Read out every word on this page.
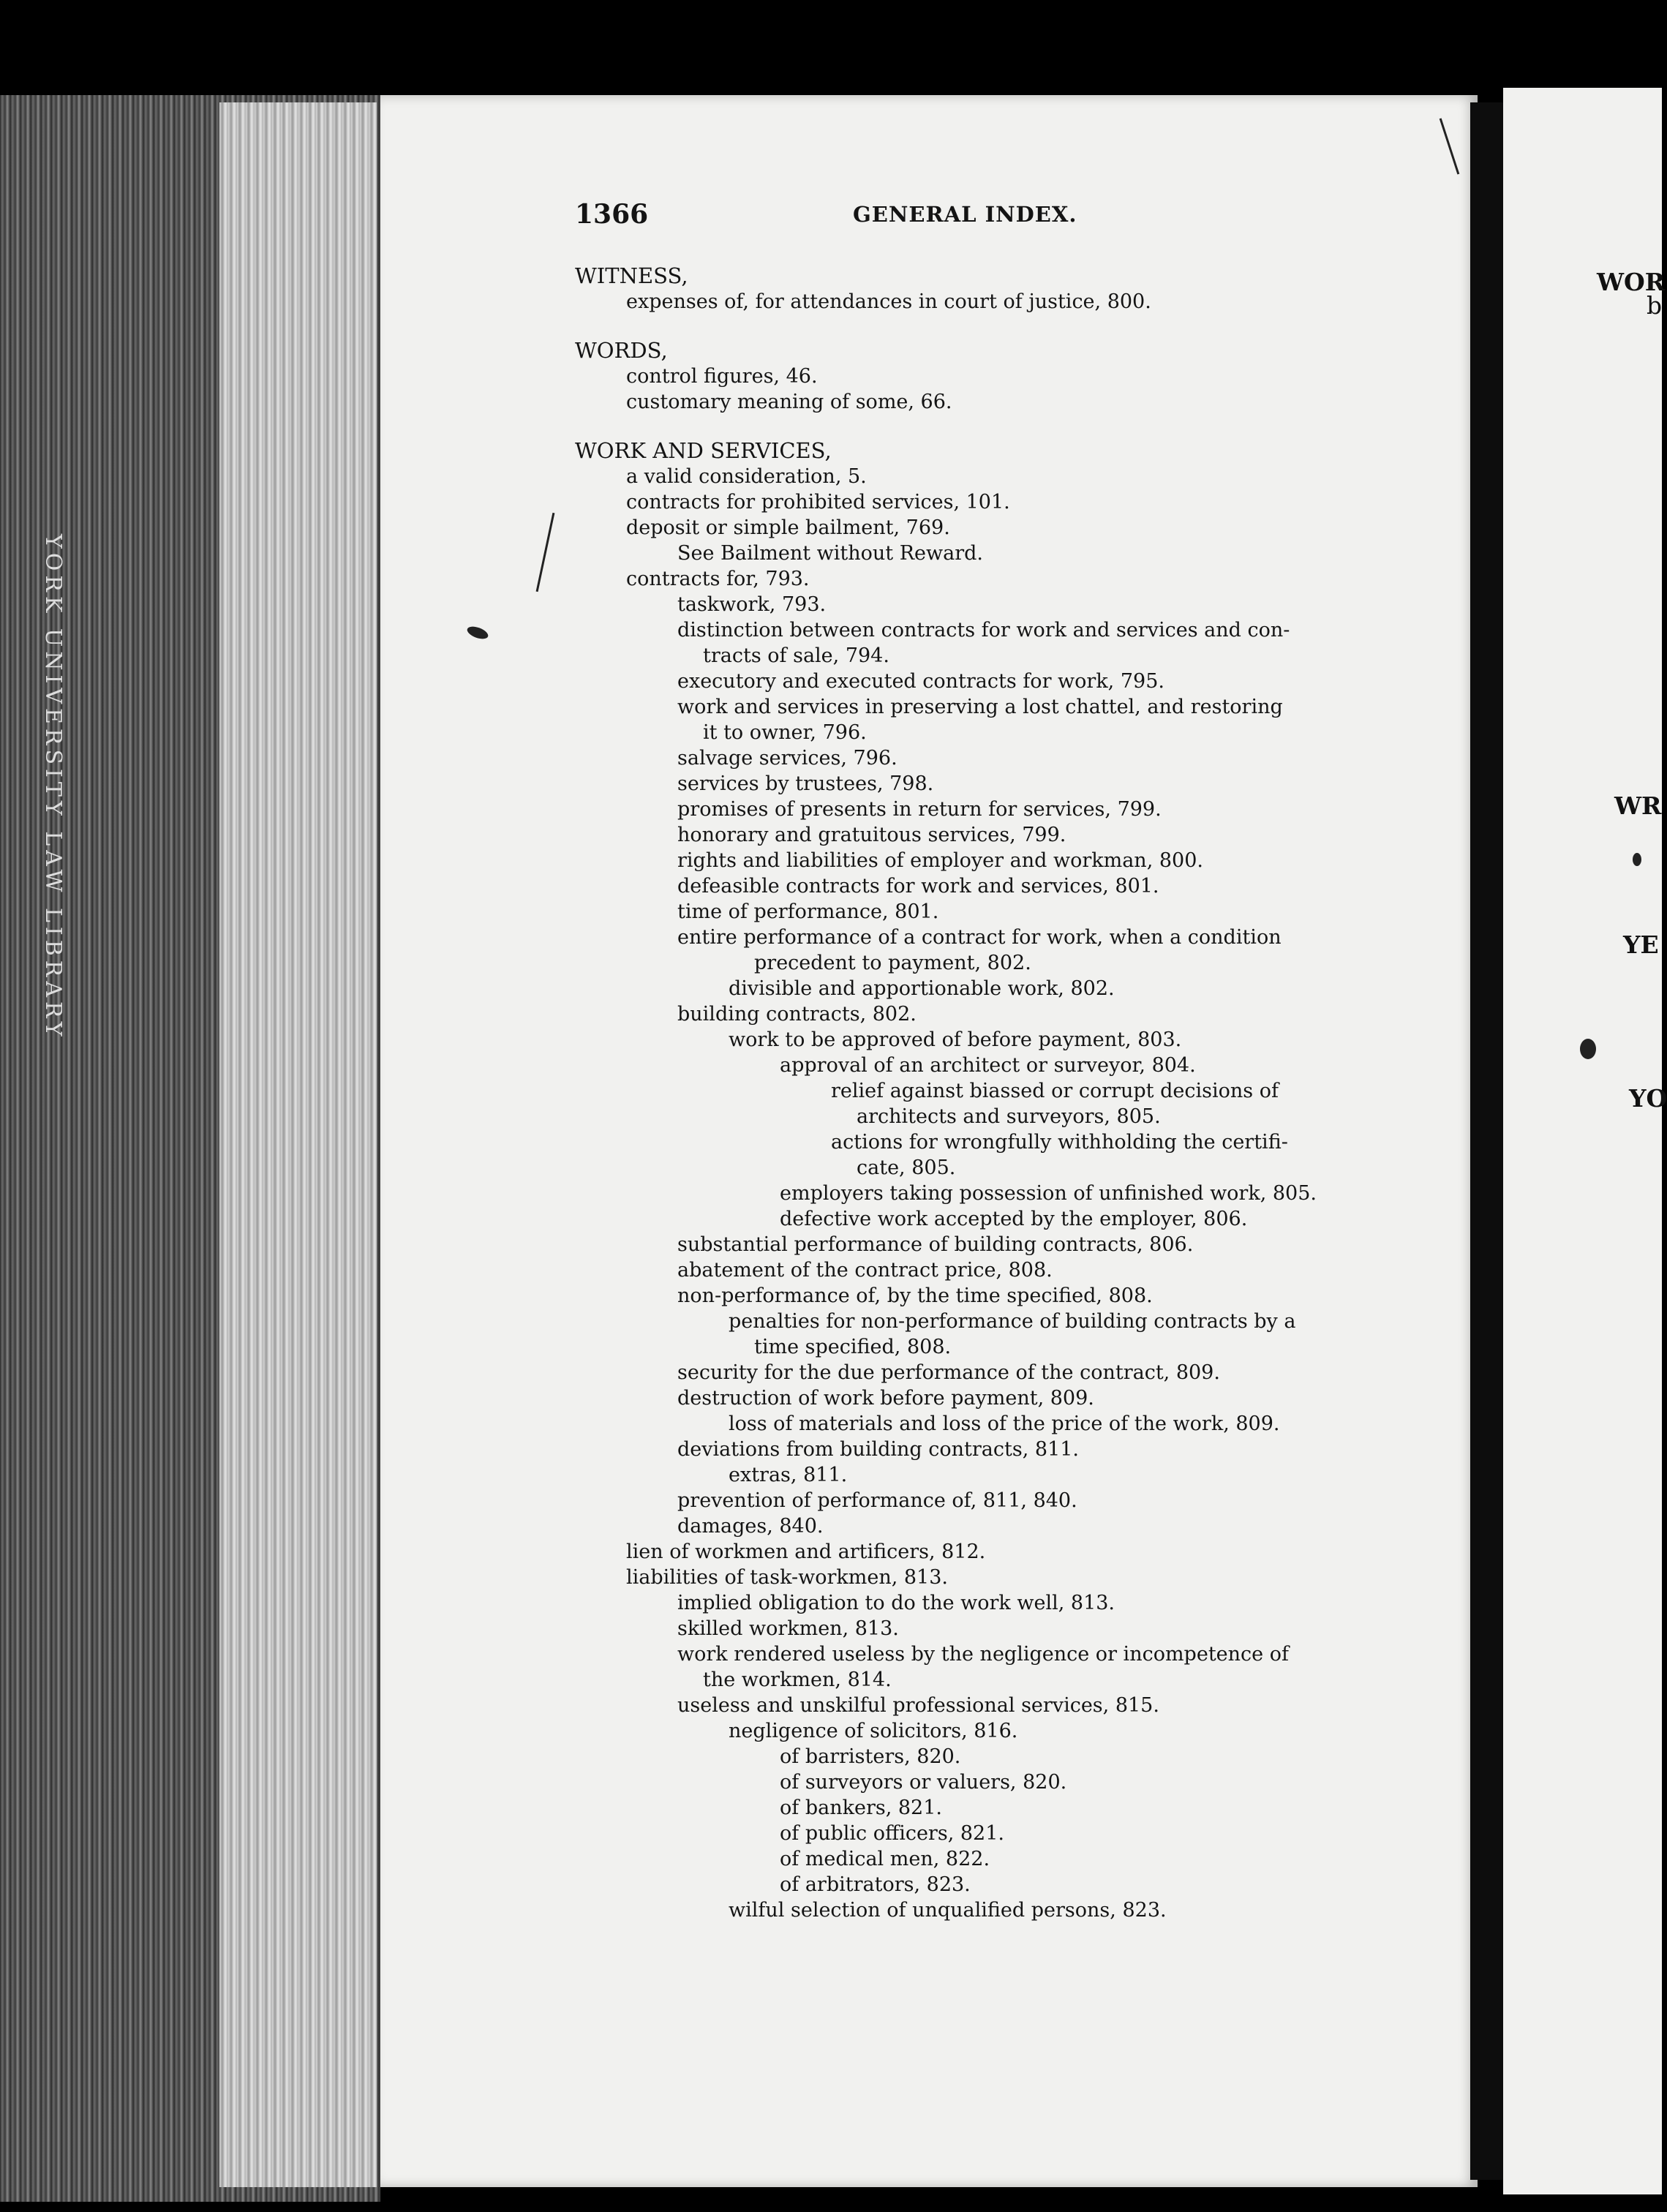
YORK UNIVERSITY LAW LIBRARY
WOR
b
WR
YE
YO
1366	GENERAL INDEX.
WITNESS,
expenses of, for attendances in court of justice, 800.
WORDS,
control figures, 46.
customary meaning of some, 66.
WORK AND SERVICES,
a valid consideration, 5.
contracts for prohibited services, 101.
deposit or simple bailment, 769.
See Bailment without Reward.
contracts for, 793.
taskwork, 793.
distinction between contracts for work and services and con-
tracts of sale, 794.
executory and executed contracts for work, 795.
work and services in preserving a lost chattel, and restoring
it to owner, 796.
salvage services, 796.
services by trustees, 798.
promises of presents in return for services, 799.
honorary and gratuitous services, 799.
rights and liabilities of employer and workman, 800.
defeasible contracts for work and services, 801.
time of performance, 801.
entire performance of a contract for work, when a condition
precedent to payment, 802.
divisible and apportionable work, 802.
building contracts, 802.
work to be approved of before payment, 803.
approval of an architect or surveyor, 804.
relief against biassed or corrupt decisions of
architects and surveyors, 805.
actions for wrongfully withholding the certifi-
cate, 805.
employers taking possession of unfinished work, 805.
defective work accepted by the employer, 806.
substantial performance of building contracts, 806.
abatement of the contract price, 808.
non-performance of, by the time specified, 808.
penalties for non-performance of building contracts by a
time specified, 808.
security for the due performance of the contract, 809.
destruction of work before payment, 809.
loss of materials and loss of the price of the work, 809.
deviations from building contracts, 811.
extras, 811.
prevention of performance of, 811, 840.
damages, 840.
lien of workmen and artificers, 812.
liabilities of task-workmen, 813.
implied obligation to do the work well, 813.
skilled workmen, 813.
work rendered useless by the negligence or incompetence of
the workmen, 814.
useless and unskilful professional services, 815.
negligence of solicitors, 816.
of barristers, 820.
of surveyors or valuers, 820.
of bankers, 821.
of public officers, 821.
of medical men, 822.
of arbitrators, 823.
wilful selection of unqualified persons, 823.
